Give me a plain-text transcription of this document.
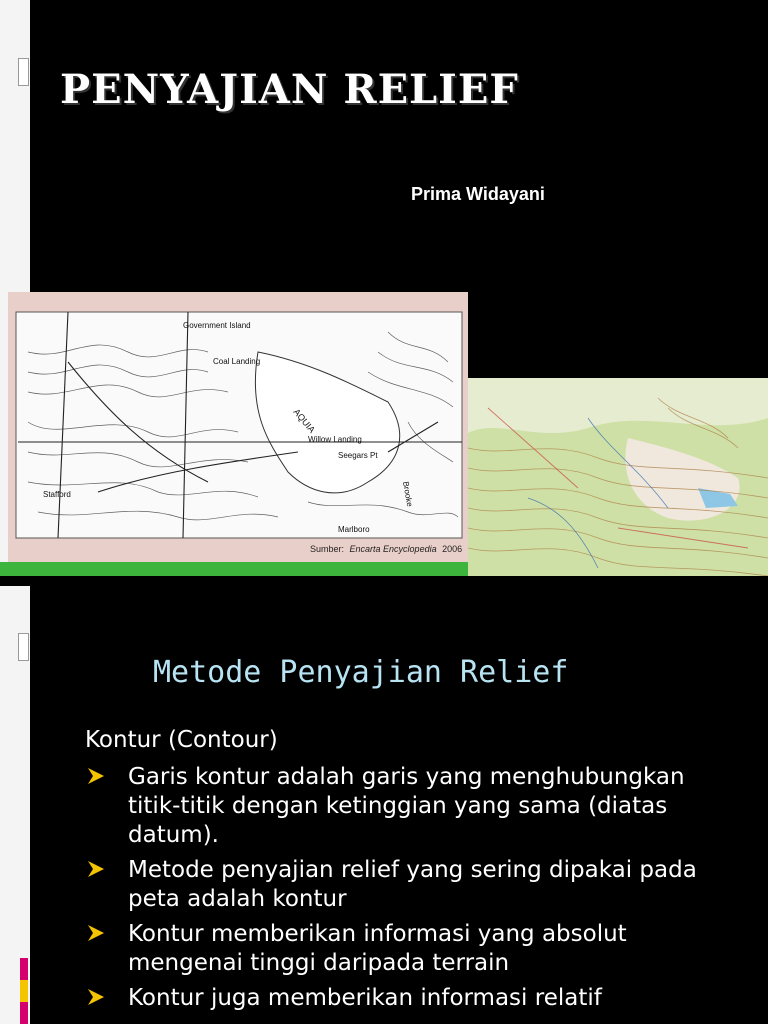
PENYAJIAN RELIEF
Prima Widayani
Government Island
Coal Landing
AQUIA
Willow Landing
Seegars Pt
Stafford
Marlboro
Brooke
Sumber: Encarta Encyclopedia 2006
Metode Penyajian Relief
Kontur (Contour)
Garis kontur adalah garis yang menghubungkan titik-titik dengan ketinggian yang sama (diatas datum).
Metode penyajian relief yang sering dipakai pada peta adalah kontur
Kontur memberikan informasi yang absolut mengenai tinggi daripada terrain
Kontur juga memberikan informasi relatif
